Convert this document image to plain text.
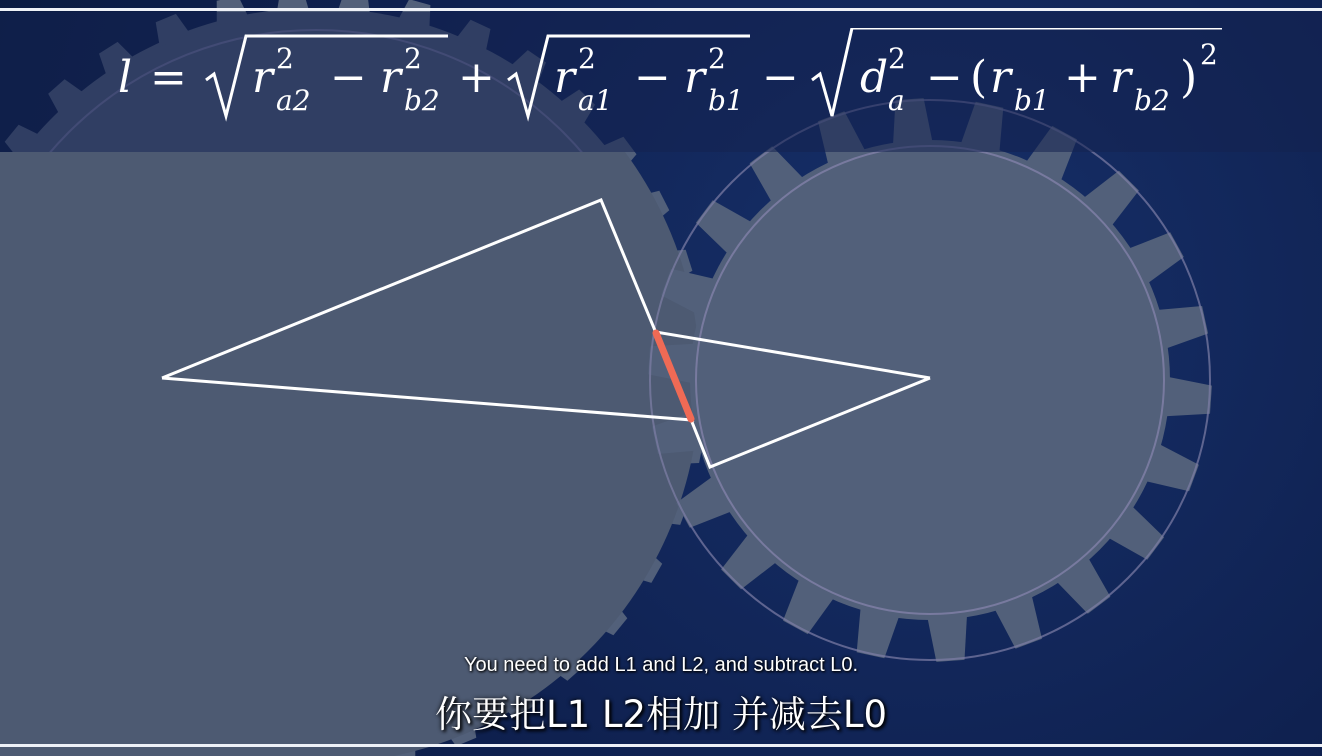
l = r 2
a2 − r 2
b2 + r 2
a1 − r 2
b1 − d 2
a − ( r b1 + r b2 ) 2
You need to add L1 and L2, and subtract L0.
你要把L1 L2相加 并减去L0
